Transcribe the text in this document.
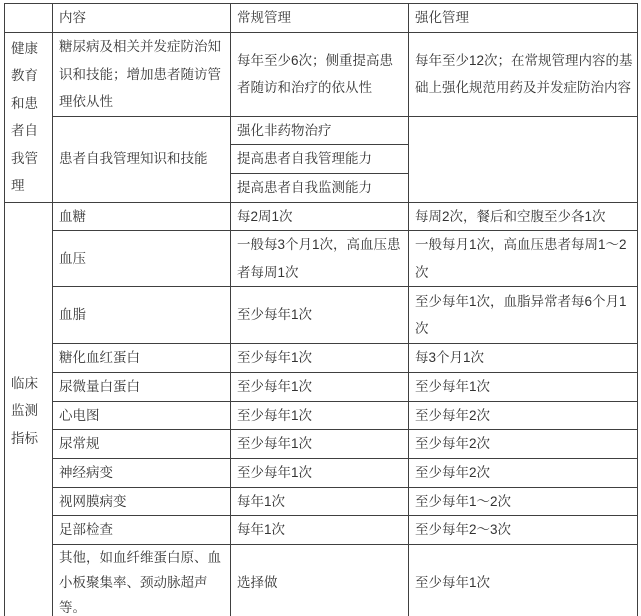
	内容	常规管理	强化管理
健康教育和患者自我管理	糖尿病及相关并发症防治知识和技能；增加患者随访管理依从性	每年至少6次；侧重提高患者随访和治疗的依从性	每年至少12次；在常规管理内容的基础上强化规范用药及并发症防治内容
	患者自我管理知识和技能	强化非药物治疗	
		提高患者自我管理能力	
		提高患者自我监测能力	
临床监测指标	血糖	每2周1次	每周2次，餐后和空腹至少各1次
	血压	一般每3个月1次，高血压患者每周1次	一般每月1次，高血压患者每周1～2次
	血脂	至少每年1次	至少每年1次，血脂异常者每6个月1次
	糖化血红蛋白	至少每年1次	每3个月1次
	尿微量白蛋白	至少每年1次	至少每年1次
	心电图	至少每年1次	至少每年2次
	尿常规	至少每年1次	至少每年2次
	神经病变	至少每年1次	至少每年2次
	视网膜病变	每年1次	至少每年1～2次
	足部检查	每年1次	至少每年2～3次
	其他，如血纤维蛋白原、血小板聚集率、颈动脉超声等。	选择做	至少每年1次
